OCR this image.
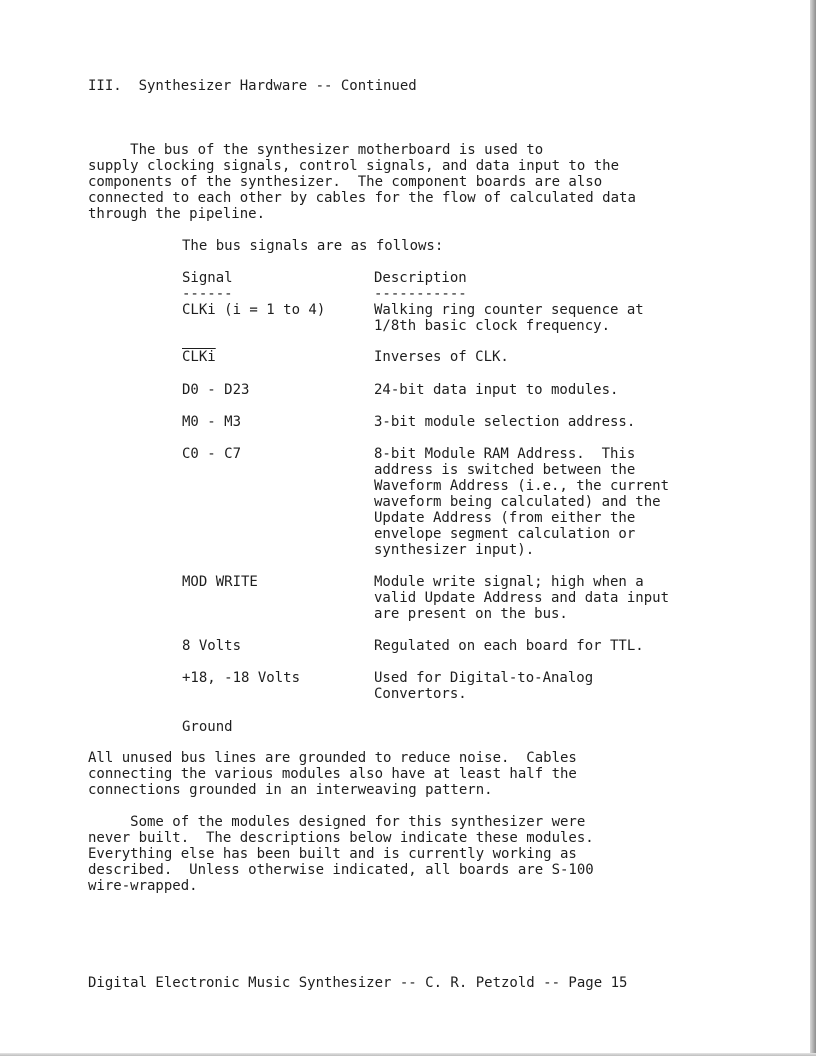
III.  Synthesizer Hardware -- Continued
The bus of the synthesizer motherboard is used to
supply clocking signals, control signals, and data input to the
components of the synthesizer.  The component boards are also
connected to each other by cables for the flow of calculated data
through the pipeline.
The bus signals are as follows:
Signal	Description
------	-----------
CLKi (i = 1 to 4)	Walking ring counter sequence at
1/8th basic clock frequency.
CLKi	Inverses of CLK.
D0 - D23	24-bit data input to modules.
M0 - M3	3-bit module selection address.
C0 - C7	8-bit Module RAM Address.  This
address is switched between the
Waveform Address (i.e., the current
waveform being calculated) and the
Update Address (from either the
envelope segment calculation or
synthesizer input).
MOD WRITE	Module write signal; high when a
valid Update Address and data input
are present on the bus.
8 Volts	Regulated on each board for TTL.
+18, -18 Volts	Used for Digital-to-Analog
Convertors.
Ground
All unused bus lines are grounded to reduce noise.  Cables
connecting the various modules also have at least half the
connections grounded in an interweaving pattern.
Some of the modules designed for this synthesizer were
never built.  The descriptions below indicate these modules.
Everything else has been built and is currently working as
described.  Unless otherwise indicated, all boards are S-100
wire-wrapped.
Digital Electronic Music Synthesizer -- C. R. Petzold -- Page 15
